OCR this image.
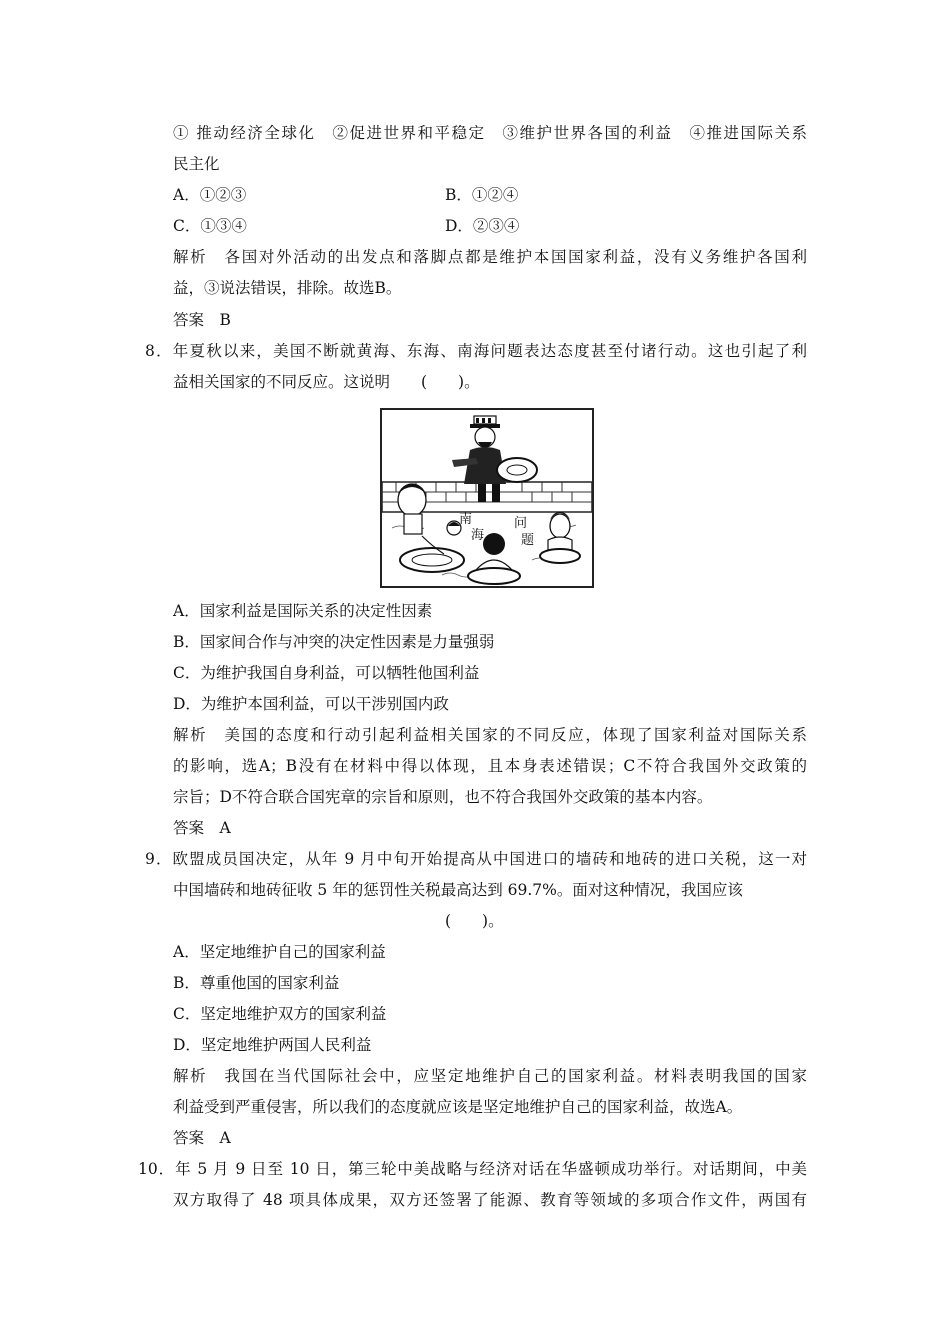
① 推动经济全球化　②促进世界和平稳定　③维护世界各国的利益　④推进国际关系
民主化
A．①②③	B．①②④
C．①③④	D．②③④
解析　各国对外活动的出发点和落脚点都是维护本国国家利益，没有义务维护各国利
益，③说法错误，排除。故选B。
答案　B
8．年夏秋以来，美国不断就黄海、东海、南海问题表达态度甚至付诸行动。这也引起了利
益相关国家的不同反应。这说明　　(　　)。
南
海
问
题
A．国家利益是国际关系的决定性因素
B．国家间合作与冲突的决定性因素是力量强弱
C．为维护我国自身利益，可以牺牲他国利益
D．为维护本国利益，可以干涉别国内政
解析　美国的态度和行动引起利益相关国家的不同反应，体现了国家利益对国际关系
的影响，选A；B没有在材料中得以体现，且本身表述错误；C不符合我国外交政策的
宗旨；D不符合联合国宪章的宗旨和原则，也不符合我国外交政策的基本内容。
答案　A
9．欧盟成员国决定，从年 9 月中旬开始提高从中国进口的墙砖和地砖的进口关税，这一对
中国墙砖和地砖征收 5 年的惩罚性关税最高达到 69.7%。面对这种情况，我国应该
(　　)。
A．坚定地维护自己的国家利益
B．尊重他国的国家利益
C．坚定地维护双方的国家利益
D．坚定地维护两国人民利益
解析　我国在当代国际社会中，应坚定地维护自己的国家利益。材料表明我国的国家
利益受到严重侵害，所以我们的态度就应该是坚定地维护自己的国家利益，故选A。
答案　A
10．年 5 月 9 日至 10 日，第三轮中美战略与经济对话在华盛顿成功举行。对话期间，中美
双方取得了 48 项具体成果，双方还签署了能源、教育等领域的多项合作文件，两国有
